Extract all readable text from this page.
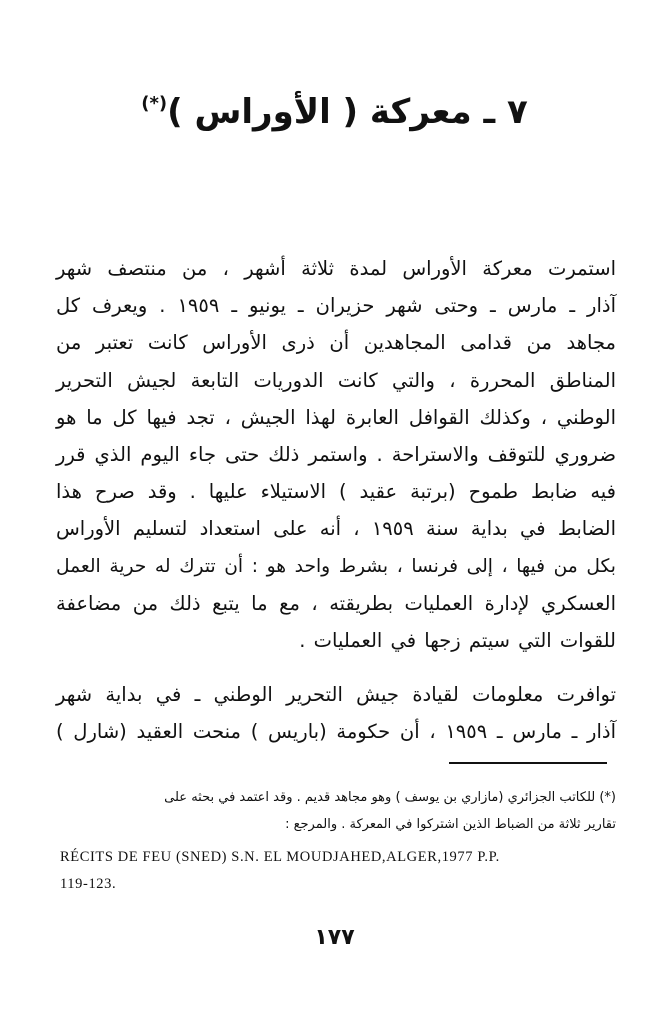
٧ ـ معركة ( الأوراس )(*)
استمرت معركة الأوراس لمدة ثلاثة أشهر ، من منتصف شهر
آذار ـ مارس ـ وحتى شهر حزيران ـ يونيو ـ ١٩٥٩ . ويعرف كل
مجاهد من قدامى المجاهدين أن ذرى الأوراس كانت تعتبر من
المناطق المحررة ، والتي كانت الدوريات التابعة لجيش التحرير
الوطني ، وكذلك القوافل العابرة لهذا الجيش ، تجد فيها كل ما هو
ضروري للتوقف والاستراحة . واستمر ذلك حتى جاء اليوم الذي قرر
فيه ضابط طموح (برتبة عقيد ) الاستيلاء عليها . وقد صرح هذا
الضابط في بداية سنة ١٩٥٩ ، أنه على استعداد لتسليم الأوراس
بكل من فيها ، إلى فرنسا ، بشرط واحد هو : أن تترك له حرية العمل
العسكري لإدارة العمليات بطريقته ، مع ما يتبع ذلك من مضاعفة
للقوات التي سيتم زجها في العمليات .
توافرت معلومات لقيادة جيش التحرير الوطني ـ في بداية شهر
آذار ـ مارس ـ ١٩٥٩ ، أن حكومة (باريس ) منحت العقيد (شارل )
(*) للكاتب الجزائري (مازاري بن يوسف ) وهو مجاهد قديم . وقد اعتمد في بحثه على
تقارير ثلاثة من الضباط الذين اشتركوا في المعركة . والمرجع :
RÉCITS DE FEU (SNED) S.N. EL MOUDJAHED,ALGER,1977 P.P.
119-123.
١٧٧
